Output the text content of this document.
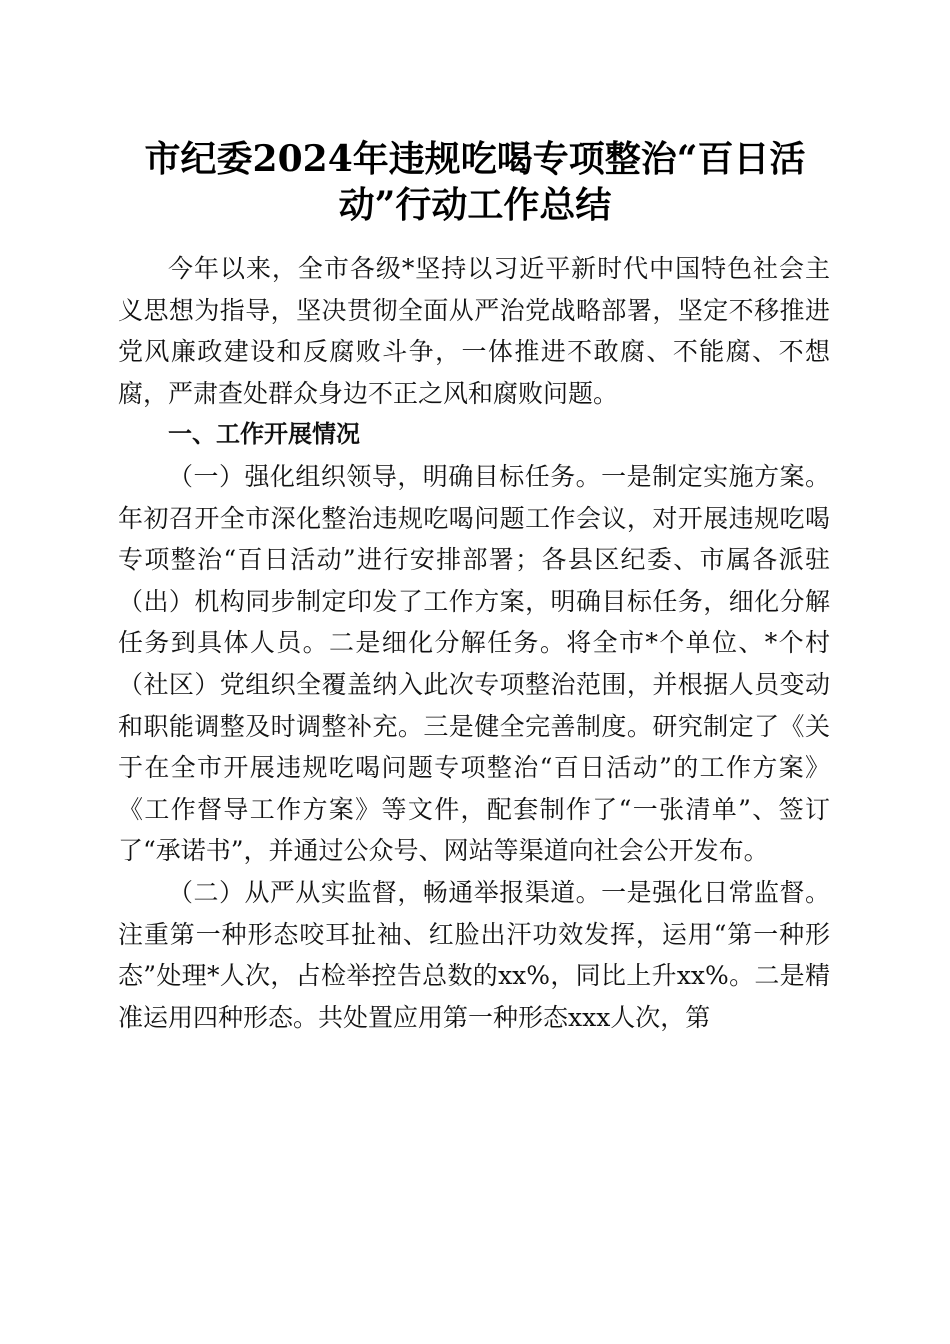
市纪委2024年违规吃喝专项整治“百日活动”行动工作总结

今年以来，全市各级*坚持以习近平新时代中国特色社会主义思想为指导，坚决贯彻全面从严治党战略部署，坚定不移推进党风廉政建设和反腐败斗争，一体推进不敢腐、不能腐、不想腐，严肃查处群众身边不正之风和腐败问题。

一、工作开展情况

（一）强化组织领导，明确目标任务。一是制定实施方案。年初召开全市深化整治违规吃喝问题工作会议，对开展违规吃喝专项整治“百日活动”进行安排部署；各县区纪委、市属各派驻（出）机构同步制定印发了工作方案，明确目标任务，细化分解任务到具体人员。二是细化分解任务。将全市*个单位、*个村（社区）党组织全覆盖纳入此次专项整治范围，并根据人员变动和职能调整及时调整补充。三是健全完善制度。研究制定了《关于在全市开展违规吃喝问题专项整治“百日活动”的工作方案》《工作督导工作方案》等文件，配套制作了“一张清单”、签订了“承诺书”，并通过公众号、网站等渠道向社会公开发布。

（二）从严从实监督，畅通举报渠道。一是强化日常监督。注重第一种形态咬耳扯袖、红脸出汗功效发挥，运用“第一种形态”处理*人次，占检举控告总数的xx%，同比上升xx%。二是精准运用四种形态。共处置应用第一种形态xxx人次，第
